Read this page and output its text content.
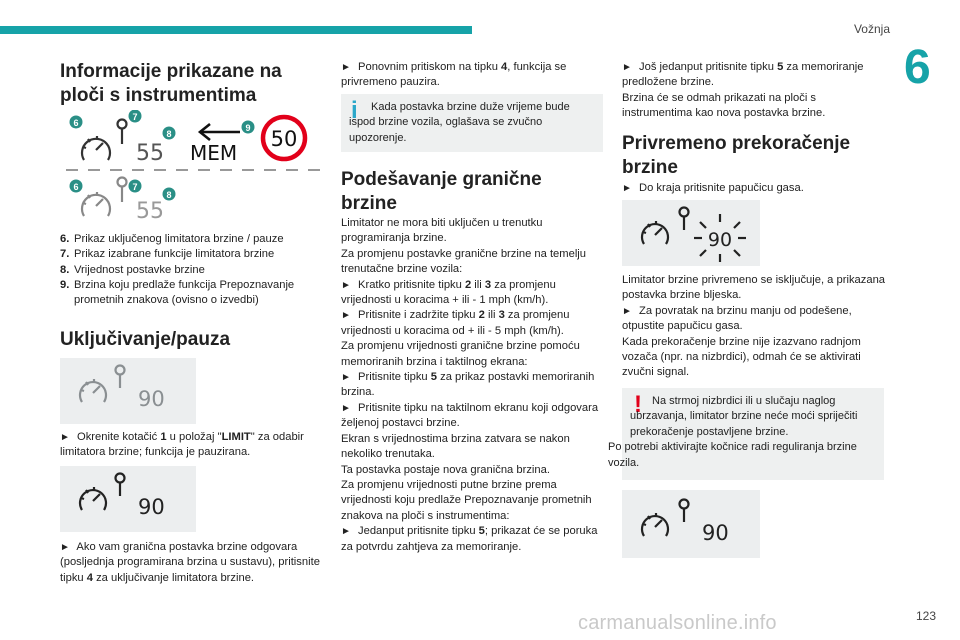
Vožnja
6
Informacije prikazane na ploči s instrumentima
55 MEM
50
55
6
7
8
9
6	7
8
6. Prikaz uključenog limitatora brzine / pauze
7. Prikaz izabrane funkcije limitatora brzine
8. Vrijednost postavke brzine
9. Brzina koju predlaže funkcija Prepoznavanje prometnih znakova (ovisno o izvedbi)
Uključivanje/pauza
90

► Okrenite kotačić 1 u položaj "LIMIT" za odabir limitatora brzine; funkcija je pauzirana.

90

► Ako vam granična postavka brzine odgovara (posljednja programirana brzina u sustavu), pritisnite tipku 4 za uključivanje limitatora brzine.

► Ponovnim pritiskom na tipku 4, funkcija se privremeno pauzira.

i	Kada postavka brzine duže vrijeme bude ispod brzine vozila, oglašava se zvučno upozorenje.

Podešavanje granične brzine

Limitator ne mora biti uključen u trenutku programiranja brzine.

Za promjenu postavke granične brzine na temelju trenutačne brzine vozila:

► Kratko pritisnite tipku 2 ili 3 za promjenu vrijednosti u koracima + ili - 1 mph (km/h).

► Pritisnite i zadržite tipku 2 ili 3 za promjenu vrijednosti u koracima od + ili - 5 mph (km/h).

Za promjenu vrijednosti granične brzine pomoću memoriranih brzina i taktilnog ekrana:

► Pritisnite tipku 5 za prikaz postavki memoriranih brzina.

► Pritisnite tipku na taktilnom ekranu koji odgovara željenoj postavci brzine.

Ekran s vrijednostima brzina zatvara se nakon nekoliko trenutaka.

Ta postavka postaje nova granična brzina.

Za promjenu vrijednosti putne brzine prema vrijednosti koju predlaže Prepoznavanje prometnih znakova na ploči s instrumentima:

► Jedanput pritisnite tipku 5; prikazat će se poruka za potvrdu zahtjeva za memoriranje.

► Još jedanput pritisnite tipku 5 za memoriranje predložene brzine.

Brzina će se odmah prikazati na ploči s instrumentima kao nova postavka brzine.

Privremeno prekoračenje brzine

► Do kraja pritisnite papučicu gasa.

90

Limitator brzine privremeno se isključuje, a prikazana postavka brzine bljeska.

► Za povratak na brzinu manju od podešene, otpustite papučicu gasa.

Kada prekoračenje brzine nije izazvano radnjom vozača (npr. na nizbrdici), odmah će se aktivirati zvučni signal.

! Na strmoj nizbrdici ili u slučaju naglog ubrzavanja, limitator brzine neće moći spriječiti prekoračenje postavljene brzine.
Po potrebi aktivirajte kočnice radi reguliranja brzine vozila.

90
carmanualsonline.info	123
